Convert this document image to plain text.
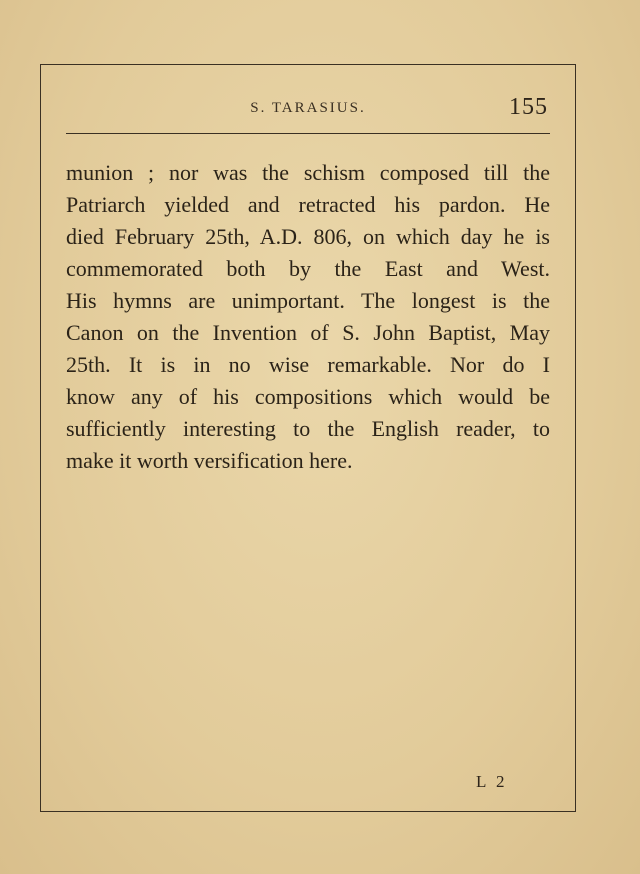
S. TARASIUS.	155
munion ; nor was the schism composed till the
Patriarch yielded and retracted his pardon. He
died February 25th, A.D. 806, on which day he is
commemorated both by the East and West.
His hymns are unimportant. The longest is the
Canon on the Invention of S. John Baptist, May
25th. It is in no wise remarkable. Nor do I
know any of his compositions which would be
sufficiently interesting to the English reader, to
make it worth versification here.
L 2
